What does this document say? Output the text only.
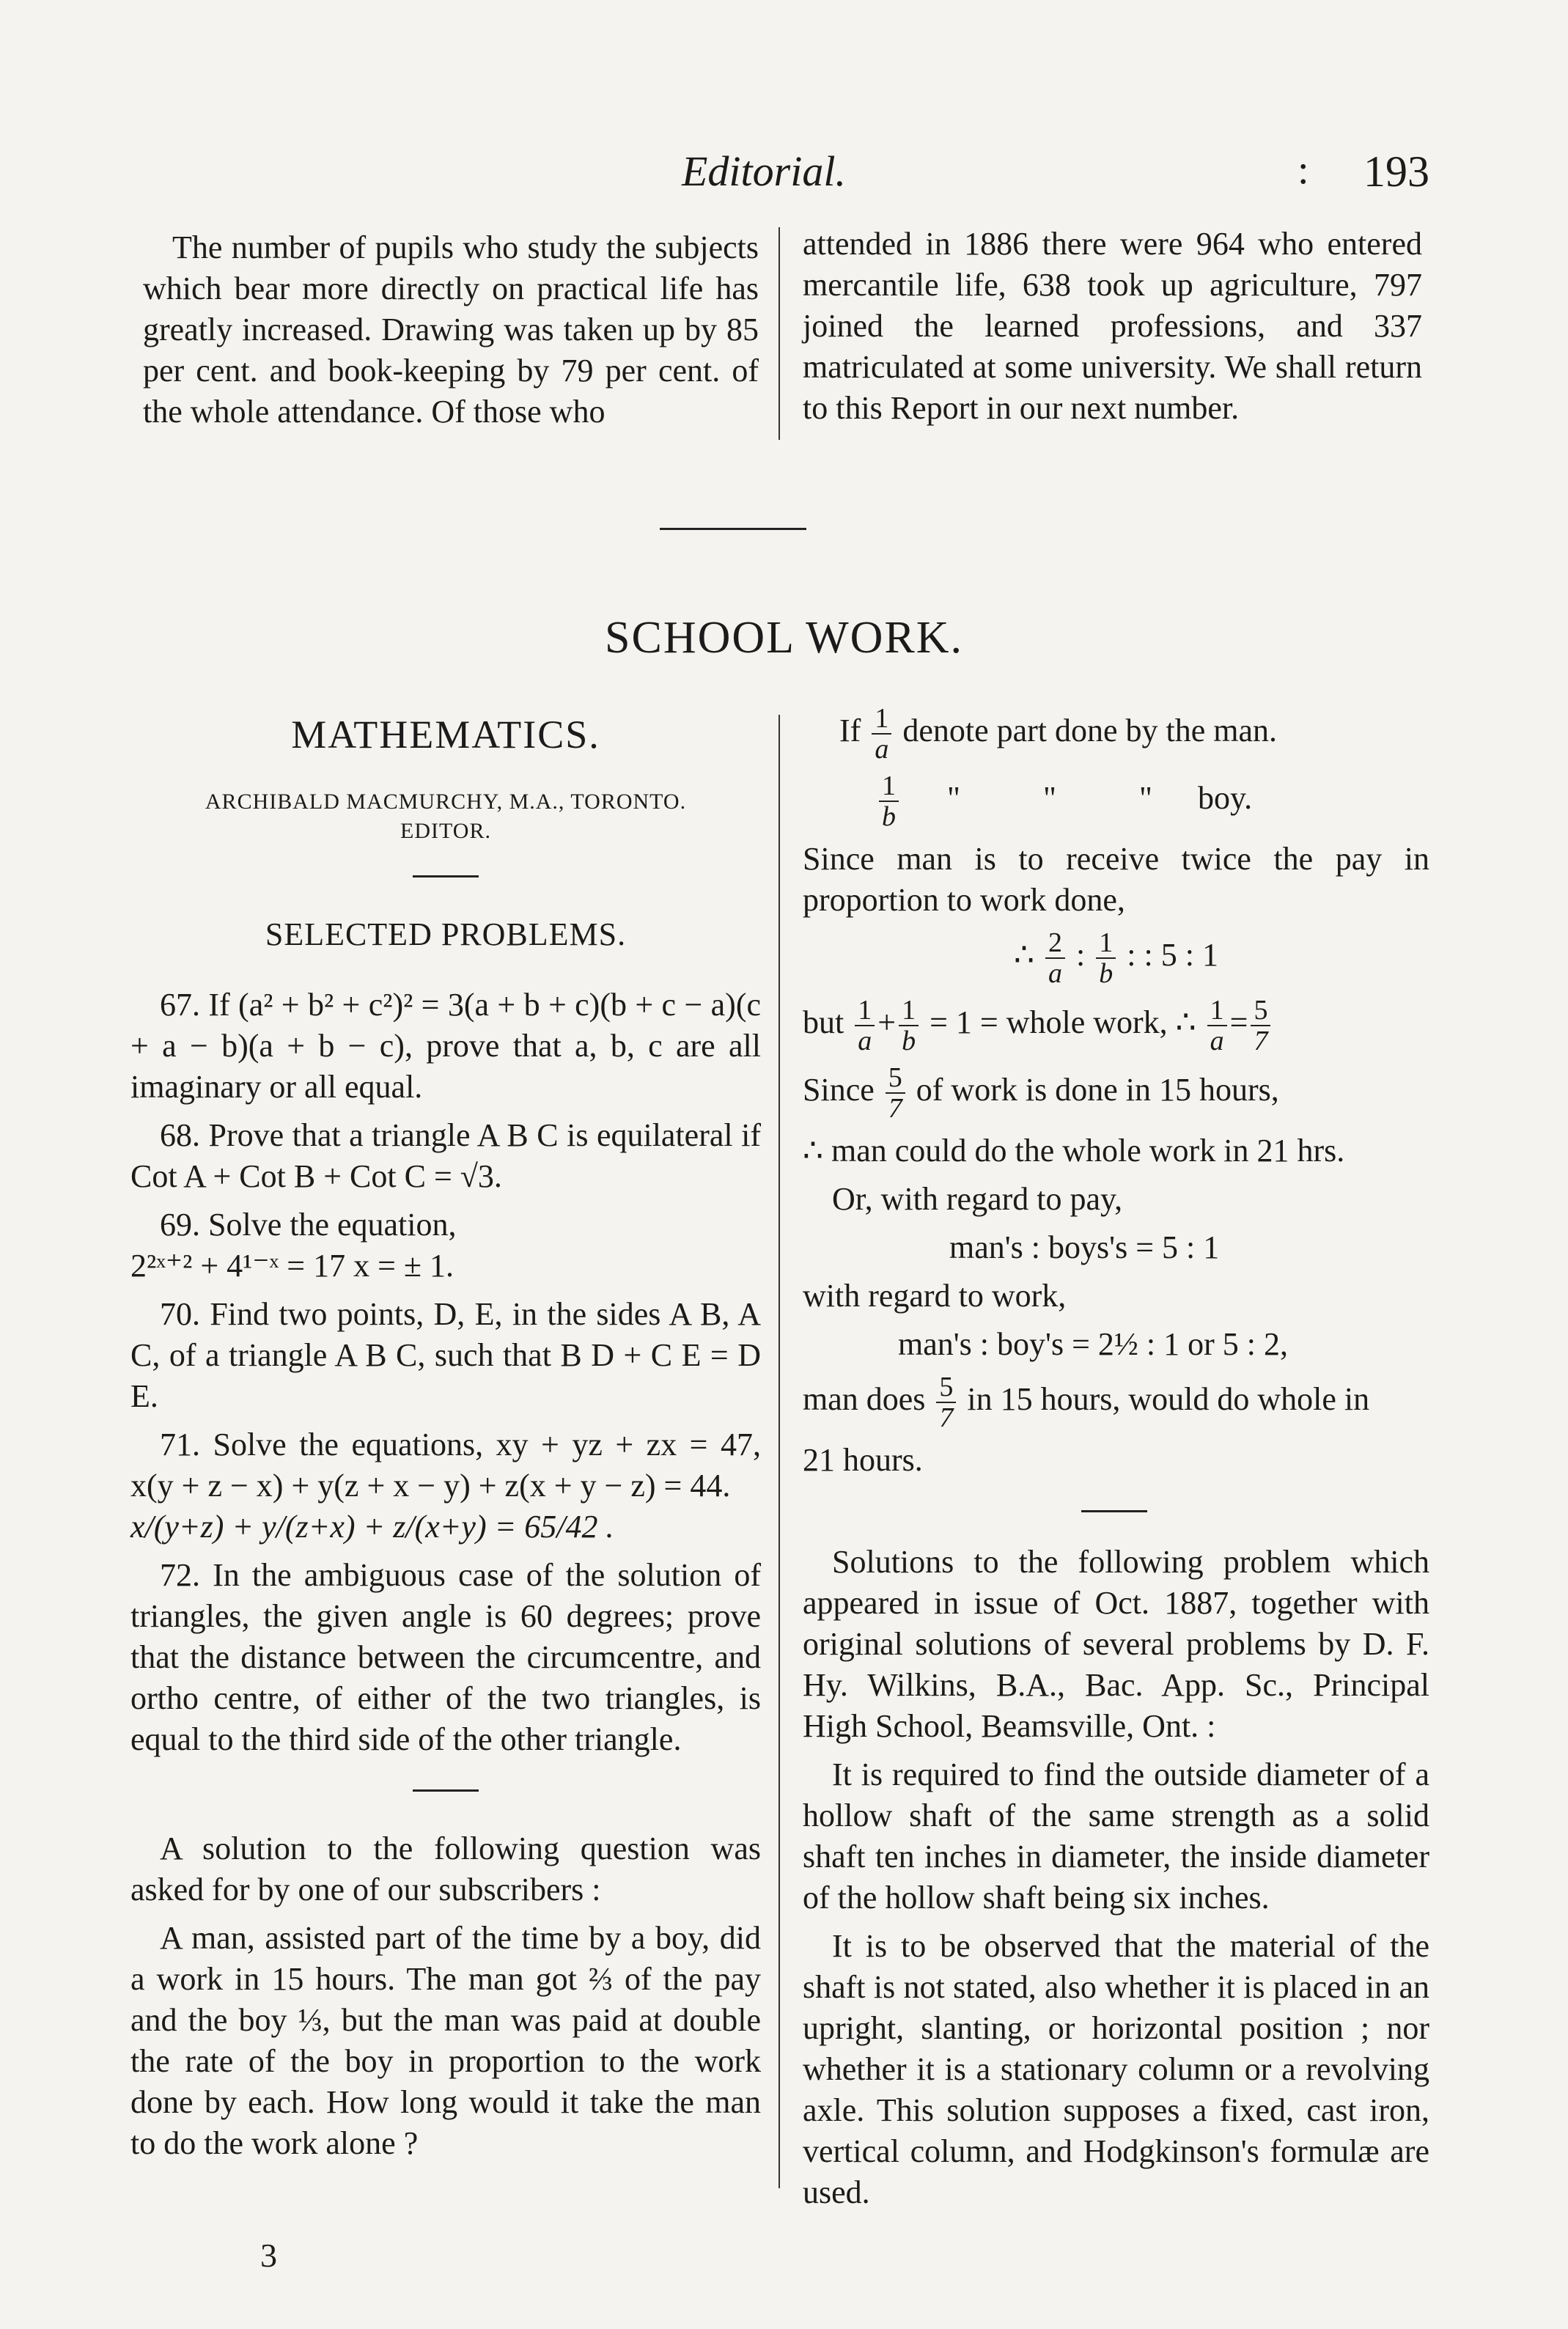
Editorial.	: 193

The number of pupils who study the subjects which bear more directly on practical life has greatly increased. Drawing was taken up by 85 per cent. and book-keeping by 79 per cent. of the whole attendance. Of those who

attended in 1886 there were 964 who entered mercantile life, 638 took up agriculture, 797 joined the learned professions, and 337 matriculated at some university. We shall return to this Report in our next number.

SCHOOL WORK.

MATHEMATICS.

ARCHIBALD MACMURCHY, M.A., TORONTO.
EDITOR.

SELECTED PROBLEMS.

67. If (a² + b² + c²)² = 3(a + b + c)(b + c − a)(c + a − b)(a + b − c), prove that a, b, c are all imaginary or all equal.

68. Prove that a triangle A B C is equilateral if Cot A + Cot B + Cot C = √3.

69. Solve the equation,

2²ˣ⁺² + 4¹⁻ˣ = 17 x = ± 1.

70. Find two points, D, E, in the sides A B, A C, of a triangle A B C, such that B D + C E = D E.

71. Solve the equations, xy + yz + zx = 47, x(y + z − x) + y(z + x − y) + z(x + y − z) = 44.

x/(y+z) + y/(z+x) + z/(x+y) = 65/42 .

72. In the ambiguous case of the solution of triangles, the given angle is 60 degrees; prove that the distance between the circumcentre, and ortho centre, of either of the two triangles, is equal to the third side of the other triangle.

A solution to the following question was asked for by one of our subscribers :

A man, assisted part of the time by a boy, did a work in 15 hours. The man got ⅔ of the pay and the boy ⅓, but the man was paid at double the rate of the boy in proportion to the work done by each. How long would it take the man to do the work alone ?

If $\frac{1}{a}$ denote part done by the man.

$\frac{1}{b}$ "	"	" boy.

Since man is to receive twice the pay in proportion to work done,

∴ $\frac{2}{a}$ : $\frac{1}{b}$ : : 5 : 1

but $\frac{1}{a} + \frac{1}{b} = 1$ = whole work, ∴ $\frac{1}{a} = \frac{5}{7}$

Since $\frac{5}{7}$ of work is done in 15 hours,

∴ man could do the whole work in 21 hrs.

Or, with regard to pay,

man's : boys's = 5 : 1

with regard to work,

man's : boy's = 2½ : 1 or 5 : 2,

man does $\frac{5}{7}$ in 15 hours, would do whole in

21 hours.

Solutions to the following problem which appeared in issue of Oct. 1887, together with original solutions of several problems by D. F. Hy. Wilkins, B.A., Bac. App. Sc., Principal High School, Beamsville, Ont. :

It is required to find the outside diameter of a hollow shaft of the same strength as a solid shaft ten inches in diameter, the inside diameter of the hollow shaft being six inches.

It is to be observed that the material of the shaft is not stated, also whether it is placed in an upright, slanting, or horizontal position ; nor whether it is a stationary column or a revolving axle. This solution supposes a fixed, cast iron, vertical column, and Hodgkinson's formulæ are used.

3
